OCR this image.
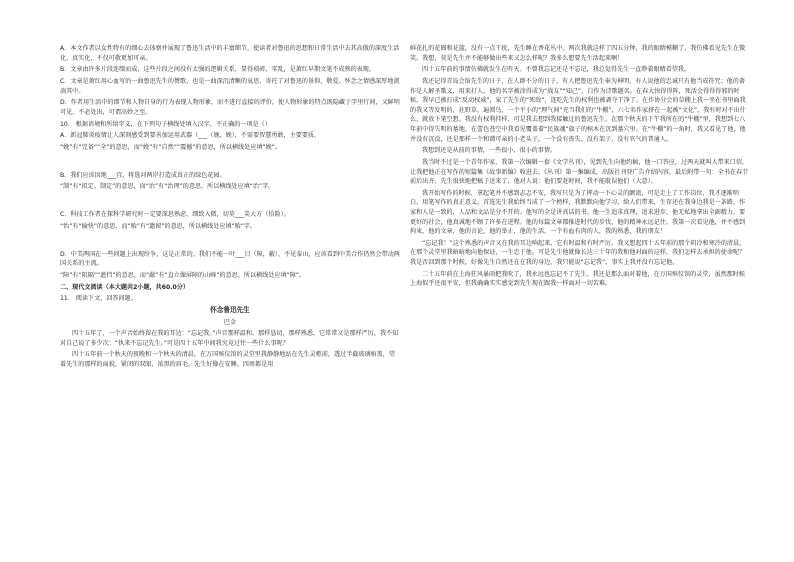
A．本文作者以女性特有的细心去体察并展现了鲁迅生活中的丰富细节，使读者对鲁迅的思想和日常生活中去其高傲的深度生活化、真实化，不仅可敬更加可亲。

B．文章由许多片段连缀而成，这些片段之间没有太强的逻辑关系，显得琐碎、零乱，是萧红早期文笔不成熟的表现。

C．文章是萧红用心血写的一曲鲁迅先生的赞歌，也是一曲深沉清晰的哀思，寄托了对鲁迅的景仰、敬爱、怀念之情感深厚地流淌其中。

D．作者用生活中的细节和人物自身的行为表现人物形象，而不进行直接的评价，使人物形象的特点既隐藏于字里行间，又鲜明可见，不必处出，可谓高妙之至。

10． 根据语境和所给字义，在下列句子横线处填入汉字，不正确的一项是（）

A．新冠肺炎疫情让人深刻感受到要善加运用武器（___（娩、娩），不需要智慧勇敢，主要要质。

“娩”有“完备”“全”的意思，而“娩”有“自然”“震撼”的意思，所以横线处应填“娩”。

B．我们应该因地___宜，将选河两岸打造成真正的绿色花园。

“制”有“拟定、制定”的意思，而“治”有“治理”的意思，所以横线处应填“治”字。

C．科技工作者在探科学研究时一定要深思熟虑、细致入微，切莫___笑大方（拾险）。

“怡”有“愉快”的意思，而“贻”有“遗留”的意思，所以横线处应填“贻”字。

D．中美两国在一些问题上出现纷争，这是正常的。我们不能一叶___目（障，蔽），不见泰山，应该看到中美合作仍然会带动两国关系的主流。

“障”有“阻隔”“遮挡”的意思，而“蔽”有“直立像屏障的山峰”的意思，所以横线处应填“障”。

二、现代文阅读（本大题共2小题，共60.0分）

11． 阅读下文，回答问题。

怀念鲁迅先生

巴金

四十五年了，一个声音始终留在我的耳边：“忘记我。”声音那样温和，那样恳切，那样熟悉，它常常又是那样严厉，我不知对自己说了多少次：“执来不忘记先生。”可是四十五年中间我究竟过往一些什么事呢？

四十五年前一个秋天的夜晚和一个秋天的清晨，在万国殡仪馆的灵堂里我静静地站在先生灵柩前，透过半截玻璃棺盖，望着先生的那样的面貌，紧闭的双眼，浓黑的眉毛，先生好像在安睡。四周都是用

鲜花扎的花圈和花篮，没有一点干扰，先生睡在香花丛中。两次我就这样了四五分钟，我的眼睛模糊了，我仿佛看见先生在微笑。我想，莫是先生并不能够做出些来又怎么样呢？我多么想要先生活起来啊！

四十五年前的事情仿佛就发生在昨天。不曾我忘记还是不忘记，我总觉得先生一直睁着眼睛看望我。

我还记得青岛会馆先生的日子，在人群不分的日子，有人把鲁迅先生奉为神明，有人说他的忠诚只有他当成符咒；他的著作是人解圣歌义，用来打人，他的名字被涂得成为“战友”“知己”，白作为诗歌题名。在春大快得得阵，死活会得得得邪的时候，我早已被打成“反动权威”，家了先生的“死敌”，连吃先生的权利也被剥夺干净了。在作协分会的草棚上我一坐在书里面我的我又等发明的，拄野草，遍阅鸟，一个平小的“理气间”充当我们的“牛棚”，六七名作家挤在一起被“文化”，我有时对不出什么，就放下笔空想。我没有权利挂样，可是我去想到我接触过的鲁迅先生。在那个秋天的下午我所在的“牛棚”里，我想到七八年前中得失明的墓地。在蕾色苍空中我看见覆盖着“民族魂”旗子的棺木在沉到墓穴里。在“牛棚”的一角时，我又看见了他，他并没有沉没，还是那样一个和蔼可亲的小老头子，一个没有丧失、没有架子、没有官气的普通人。

我想到还是从前的事情，一些很小、很小的事情。

我当时不过是一个青年作家，我第一次编辑一套《文学丛刊》，见到先生向他约稿，他一口答应，过两天就叫人带来口信，让我把他正在写作的短篇集《故事新编》收进去。《丛刊》第一集编成，出版社刊登广告介绍内容，最后附带一句：全书在春节前后出齐。先生很快地把稿子送来了，他对人说：他们要赶时间，我不能耽误他们（大意）。

我开始写作的时候，拿起笔并不感到忐忑不安，我写只是为了挥动一下心灵的颤流，可是走上了工作岗位，我才逐渐明白，用笔写作的真正意义，首选先生我始终当成了一个榜样，我默默向他学习，给人们带来，生存还在我身边我是一条路，作家和人是一致的，人品和文品是分不开的。他写的全是讲真话的书。他一生追求真理，追求进步，他无私地拿出全副精力，要更好的社会，他真诚地不顾了许多在进程。他的每篇文章都推进时代的步伐，他的精神永远记住。我第一次看见他，并不感到拘束，他的文章，他的言论，他的举止，他的生活，一个有血有肉的人，我的熟悉，我的朋友！

“忘记我！”这个熟悉的声音又在我的耳边响起来，它有时温和有时严厉，我又想起四十五年前的那个阴冷和寒冷的清晨，在那个灵堂里我暗暗地向他保证，一生忠于他。可是先生他就像长达三十年的我和他对面的这样，我们怎样去承担的使命呢？我是否回到那个时候，好像先生自然还在在我的身边，我只能说“忘记我”，事实上我并没有忘记他。

二十五年前在上海狂风暴雨把我吹了，我永远也忘记不了先生。我还是那么面对着他，在万国殡仪馆的灵堂，虽然那时候上海似乎还很平安，但我确确实实感觉到先生现在跟我一样面对一切苦难。
